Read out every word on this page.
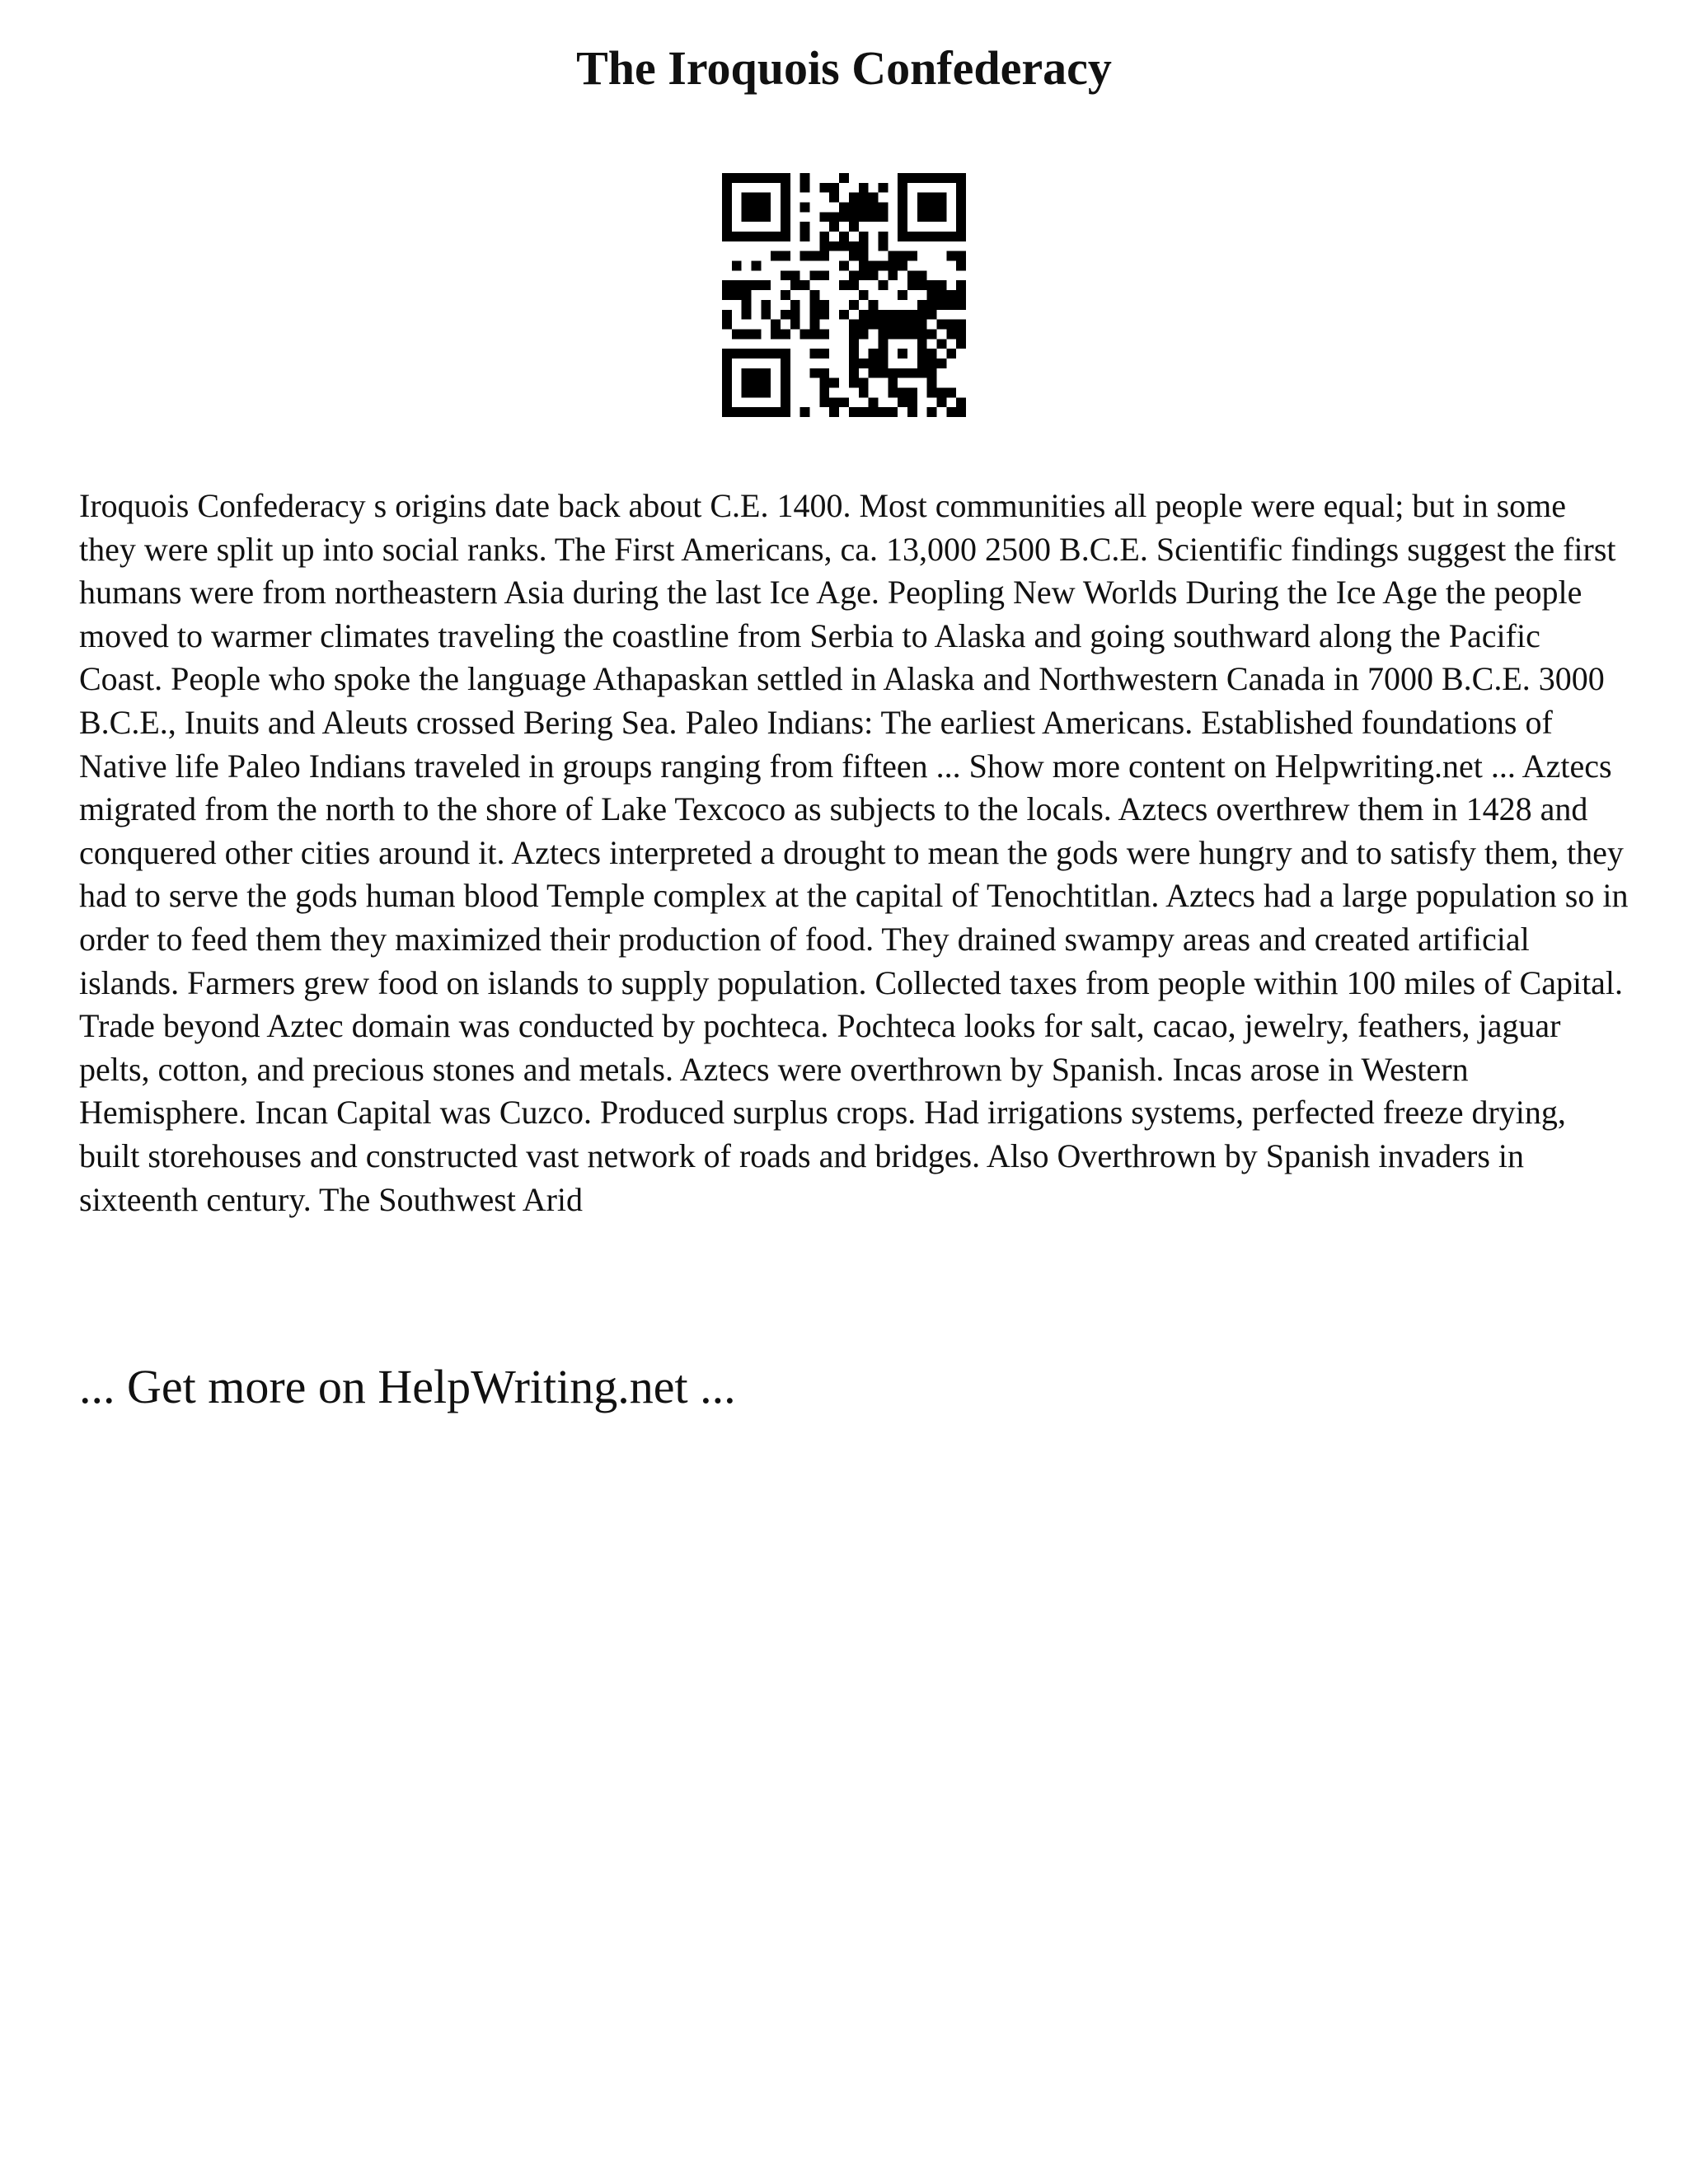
The Iroquois Confederacy

Iroquois Confederacy s origins date back about C.E. 1400. Most communities all people were equal; but in some they were split up into social ranks. The First Americans, ca. 13,000 2500 B.C.E. Scientific findings suggest the first humans were from northeastern Asia during the last Ice Age. Peopling New Worlds During the Ice Age the people moved to warmer climates traveling the coastline from Serbia to Alaska and going southward along the Pacific Coast. People who spoke the language Athapaskan settled in Alaska and Northwestern Canada in 7000 B.C.E. 3000 B.C.E., Inuits and Aleuts crossed Bering Sea. Paleo Indians: The earliest Americans. Established foundations of Native life Paleo Indians traveled in groups ranging from fifteen ... Show more content on Helpwriting.net ... Aztecs migrated from the north to the shore of Lake Texcoco as subjects to the locals. Aztecs overthrew them in 1428 and conquered other cities around it. Aztecs interpreted a drought to mean the gods were hungry and to satisfy them, they had to serve the gods human blood Temple complex at the capital of Tenochtitlan. Aztecs had a large population so in order to feed them they maximized their production of food. They drained swampy areas and created artificial islands. Farmers grew food on islands to supply population. Collected taxes from people within 100 miles of Capital. Trade beyond Aztec domain was conducted by pochteca. Pochteca looks for salt, cacao, jewelry, feathers, jaguar pelts, cotton, and precious stones and metals. Aztecs were overthrown by Spanish. Incas arose in Western Hemisphere. Incan Capital was Cuzco. Produced surplus crops. Had irrigations systems, perfected freeze drying, built storehouses and constructed vast network of roads and bridges. Also Overthrown by Spanish invaders in sixteenth century. The Southwest Arid

... Get more on HelpWriting.net ...
